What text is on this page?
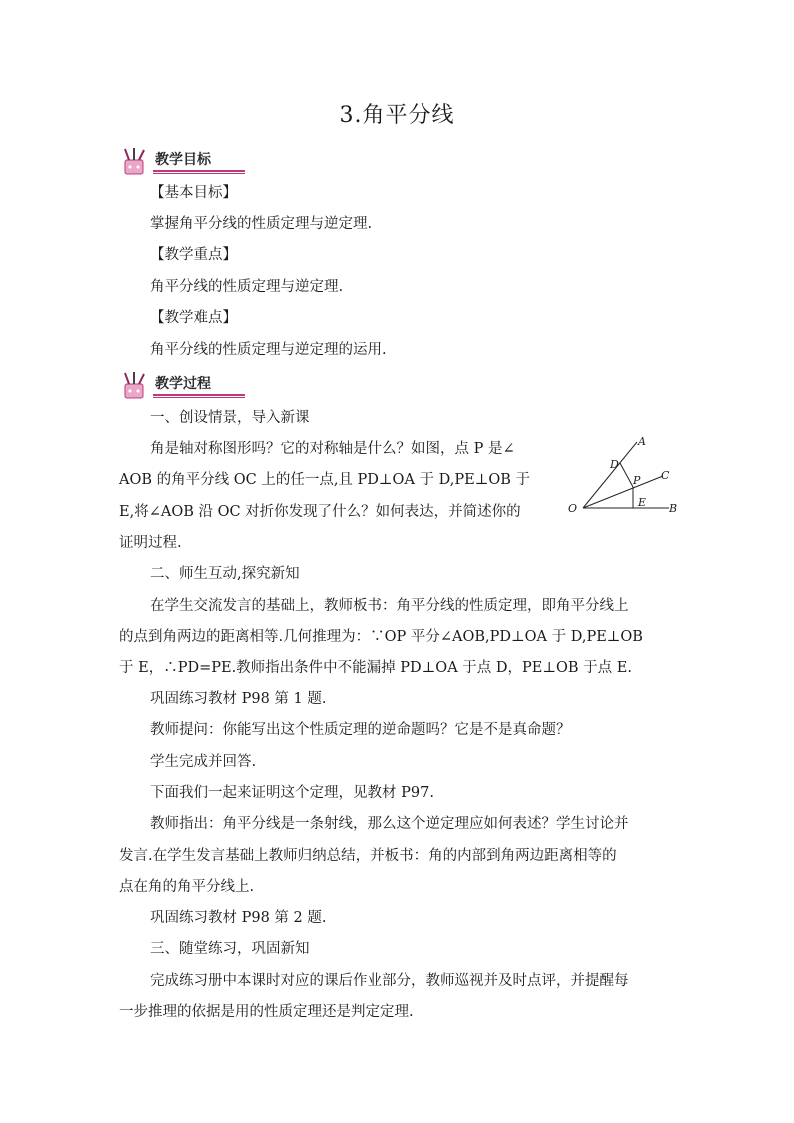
3.角平分线
教学目标
【基本目标】
掌握角平分线的性质定理与逆定理.
【教学重点】
角平分线的性质定理与逆定理.
【教学难点】
角平分线的性质定理与逆定理的运用.
教学过程
一、创设情景，导入新课
角是轴对称图形吗？它的对称轴是什么？如图，点 P 是∠
AOB 的角平分线 OC 上的任一点,且 PD⊥OA 于 D,PE⊥OB 于
E,将∠AOB 沿 OC 对折你发现了什么？如何表达，并简述你的
证明过程.
A
B
C
D
E
O
P
二、师生互动,探究新知
在学生交流发言的基础上，教师板书：角平分线的性质定理，即角平分线上
的点到角两边的距离相等.几何推理为：∵OP 平分∠AOB,PD⊥OA 于 D,PE⊥OB
于 E，∴PD=PE.教师指出条件中不能漏掉 PD⊥OA 于点 D，PE⊥OB 于点 E.
巩固练习教材 P98 第 1 题.
教师提问：你能写出这个性质定理的逆命题吗？它是不是真命题？
学生完成并回答.
下面我们一起来证明这个定理，见教材 P97.
教师指出：角平分线是一条射线，那么这个逆定理应如何表述？学生讨论并
发言.在学生发言基础上教师归纳总结，并板书：角的内部到角两边距离相等的
点在角的角平分线上.
巩固练习教材 P98 第 2 题.
三、随堂练习，巩固新知
完成练习册中本课时对应的课后作业部分，教师巡视并及时点评，并提醒每
一步推理的依据是用的性质定理还是判定定理.
